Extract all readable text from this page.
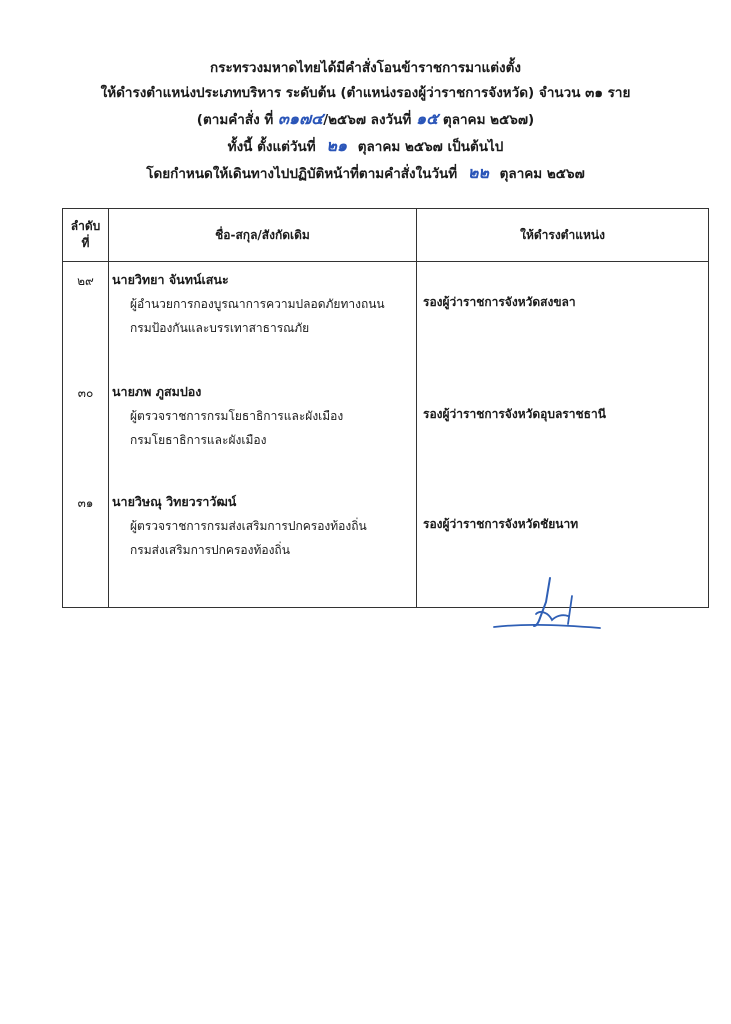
กระทรวงมหาดไทยได้มีคำสั่งโอนข้าราชการมาแต่งตั้ง
ให้ดำรงตำแหน่งประเภทบริหาร ระดับต้น (ตำแหน่งรองผู้ว่าราชการจังหวัด) จำนวน ๓๑ ราย
(ตามคำสั่ง ที่ ๓๑๗๔/๒๕๖๗ ลงวันที่ ๑๕ ตุลาคม ๒๕๖๗)
ทั้งนี้ ตั้งแต่วันที่ ๒๑ ตุลาคม ๒๕๖๗ เป็นต้นไป
โดยกำหนดให้เดินทางไปปฏิบัติหน้าที่ตามคำสั่งในวันที่ ๒๒ ตุลาคม ๒๕๖๗
ลำดับ
ที่	ชื่อ-สกุล/สังกัดเดิม	ให้ดำรงตำแหน่ง
๒๙	นายวิทยา จันทน์เสนะ
ผู้อำนวยการกองบูรณาการความปลอดภัยทางถนน
กรมป้องกันและบรรเทาสาธารณภัย	รองผู้ว่าราชการจังหวัดสงขลา
๓๐	นายภพ ภูสมปอง
ผู้ตรวจราชการกรมโยธาธิการและผังเมือง
กรมโยธาธิการและผังเมือง	รองผู้ว่าราชการจังหวัดอุบลราชธานี
๓๑	นายวิษณุ วิทยวราวัฒน์
ผู้ตรวจราชการกรมส่งเสริมการปกครองท้องถิ่น
กรมส่งเสริมการปกครองท้องถิ่น	รองผู้ว่าราชการจังหวัดชัยนาท
